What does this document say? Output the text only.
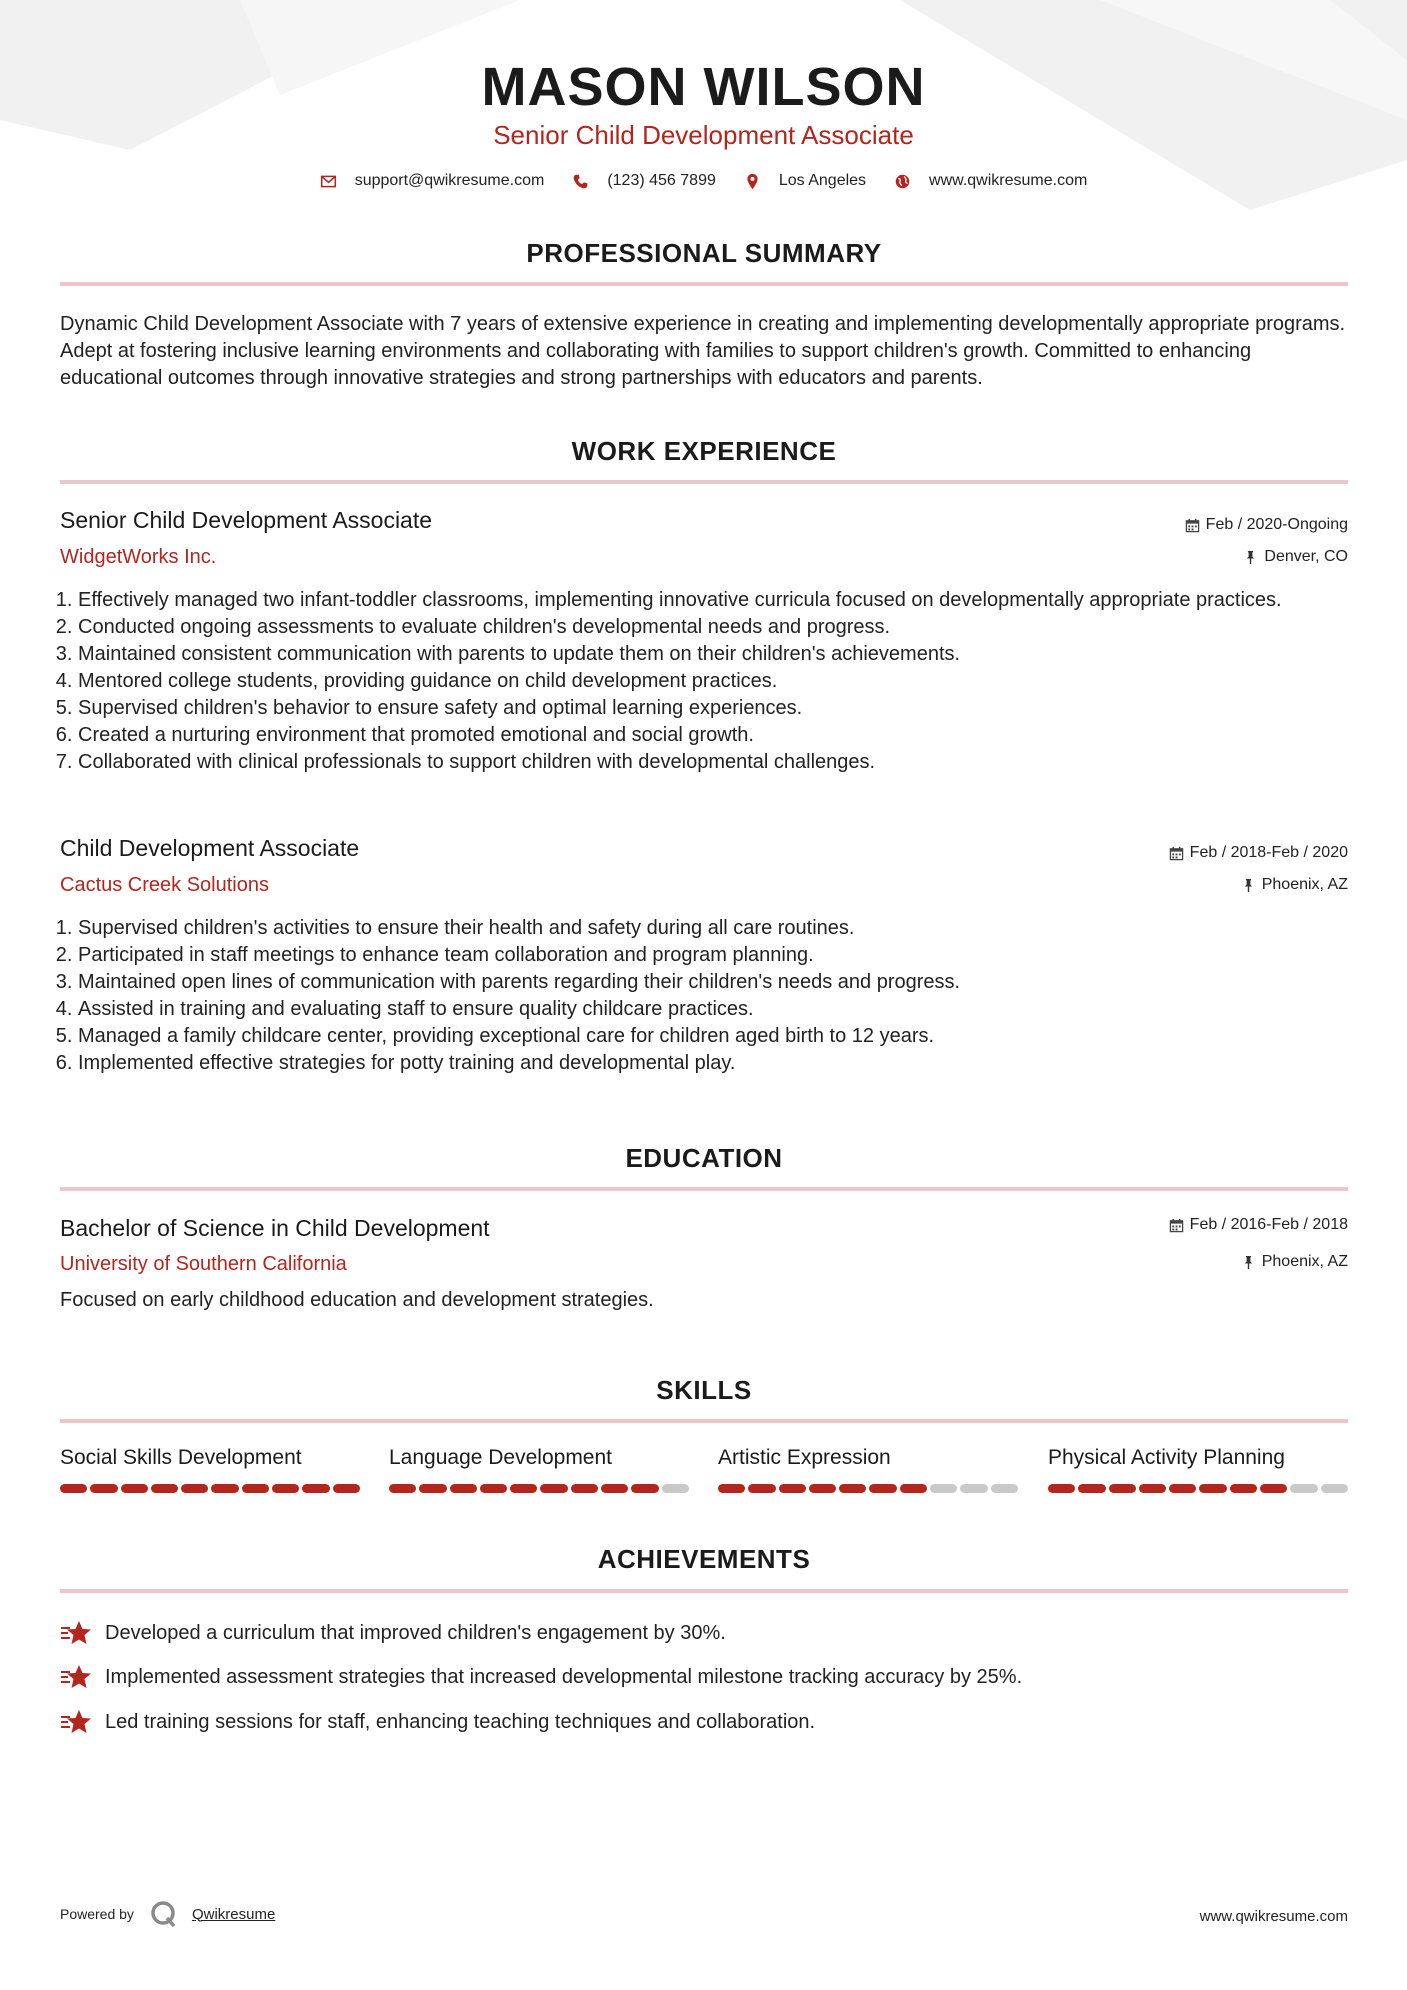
MASON WILSON
Senior Child Development Associate
support@qwikresume.com	(123) 456 7899	Los Angeles	www.qwikresume.com
PROFESSIONAL SUMMARY
Dynamic Child Development Associate with 7 years of extensive experience in creating and implementing developmentally appropriate programs. Adept at fostering inclusive learning environments and collaborating with families to support children's growth. Committed to enhancing educational outcomes through innovative strategies and strong partnerships with educators and parents.
WORK EXPERIENCE
Senior Child Development Associate
WidgetWorks Inc.
Feb / 2020-Ongoing
Denver, CO
1. Effectively managed two infant-toddler classrooms, implementing innovative curricula focused on developmentally appropriate practices.
2. Conducted ongoing assessments to evaluate children's developmental needs and progress.
3. Maintained consistent communication with parents to update them on their children's achievements.
4. Mentored college students, providing guidance on child development practices.
5. Supervised children's behavior to ensure safety and optimal learning experiences.
6. Created a nurturing environment that promoted emotional and social growth.
7. Collaborated with clinical professionals to support children with developmental challenges.
Child Development Associate
Cactus Creek Solutions
Feb / 2018-Feb / 2020
Phoenix, AZ
1. Supervised children's activities to ensure their health and safety during all care routines.
2. Participated in staff meetings to enhance team collaboration and program planning.
3. Maintained open lines of communication with parents regarding their children's needs and progress.
4. Assisted in training and evaluating staff to ensure quality childcare practices.
5. Managed a family childcare center, providing exceptional care for children aged birth to 12 years.
6. Implemented effective strategies for potty training and developmental play.
EDUCATION
Bachelor of Science in Child Development
University of Southern California
Feb / 2016-Feb / 2018
Phoenix, AZ
Focused on early childhood education and development strategies.
SKILLS
Social Skills Development	Language Development	Artistic Expression	Physical Activity Planning
ACHIEVEMENTS
Developed a curriculum that improved children's engagement by 30%.
Implemented assessment strategies that increased developmental milestone tracking accuracy by 25%.
Led training sessions for staff, enhancing teaching techniques and collaboration.
Powered by	Qwikresume	www.qwikresume.com
